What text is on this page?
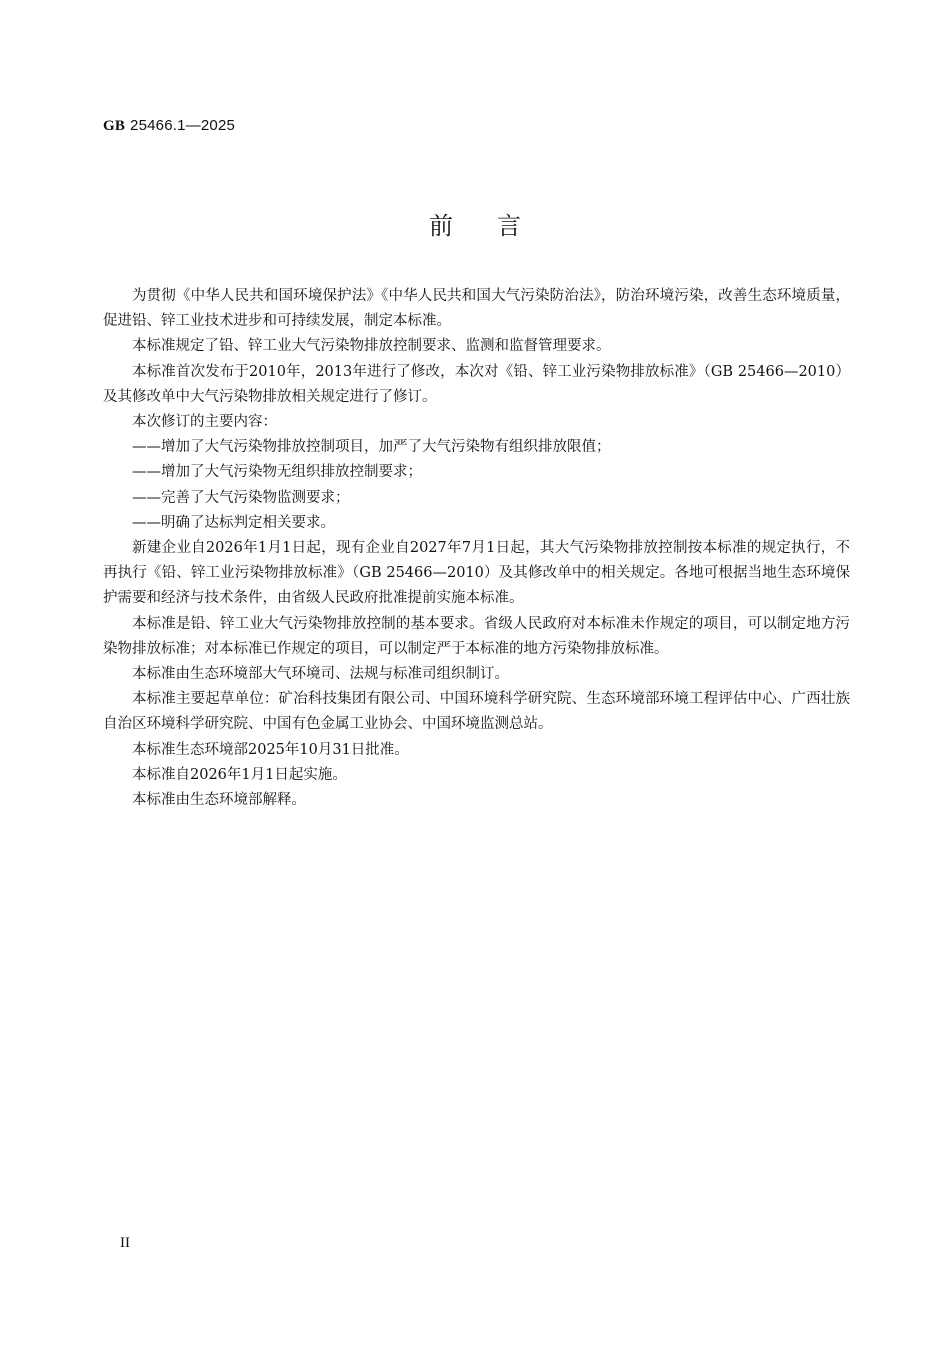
GB 25466.1—2025
前言

为贯彻《中华人民共和国环境保护法》《中华人民共和国大气污染防治法》，防治环境污染，改善生态环境质量，促进铅、锌工业技术进步和可持续发展，制定本标准。

本标准规定了铅、锌工业大气污染物排放控制要求、监测和监督管理要求。

本标准首次发布于2010年，2013年进行了修改，本次对《铅、锌工业污染物排放标准》（GB 25466—2010）及其修改单中大气污染物排放相关规定进行了修订。

本次修订的主要内容：

——增加了大气污染物排放控制项目，加严了大气污染物有组织排放限值；

——增加了大气污染物无组织排放控制要求；

——完善了大气污染物监测要求；

——明确了达标判定相关要求。

新建企业自2026年1月1日起，现有企业自2027年7月1日起，其大气污染物排放控制按本标准的规定执行，不再执行《铅、锌工业污染物排放标准》（GB 25466—2010）及其修改单中的相关规定。各地可根据当地生态环境保护需要和经济与技术条件，由省级人民政府批准提前实施本标准。

本标准是铅、锌工业大气污染物排放控制的基本要求。省级人民政府对本标准未作规定的项目，可以制定地方污染物排放标准；对本标准已作规定的项目，可以制定严于本标准的地方污染物排放标准。

本标准由生态环境部大气环境司、法规与标准司组织制订。

本标准主要起草单位：矿冶科技集团有限公司、中国环境科学研究院、生态环境部环境工程评估中心、广西壮族自治区环境科学研究院、中国有色金属工业协会、中国环境监测总站。

本标准生态环境部2025年10月31日批准。

本标准自2026年1月1日起实施。

本标准由生态环境部解释。

II
